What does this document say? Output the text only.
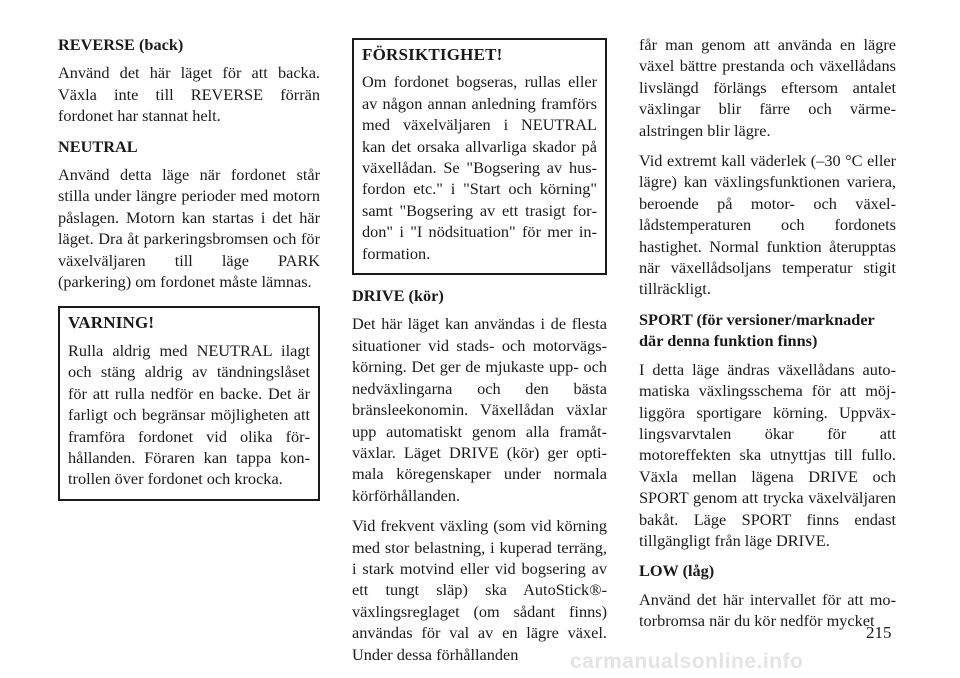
REVERSE (back)
Använd det här läget för att backa. Växla inte till REVERSE förrän fordonet har stannat helt.
NEUTRAL
Använd detta läge när fordonet står stilla under längre perioder med motorn påslagen. Motorn kan startas i det här läget. Dra åt parkeringsbromsen och för växelväljaren till läge PARK (parkering) om fordonet måste lämnas.
VARNING!
Rulla aldrig med NEUTRAL ilagt och stäng aldrig av tändningslåset för att rulla nedför en backe. Det är farligt och begränsar möjligheten att framföra fordonet vid olika förhållanden. Föraren kan tappa kontrollen över fordonet och krocka.
FÖRSIKTIGHET!
Om fordonet bogseras, rullas eller av någon annan anledning framförs med växelväljaren i NEUTRAL kan det orsaka allvarliga skador på växellådan. Se "Bogsering av husfordon etc." i "Start och körning" samt "Bogsering av ett trasigt fordon" i "I nödsituation" för mer information.
DRIVE (kör)
Det här läget kan användas i de flesta situationer vid stads- och motorvägskörning. Det ger de mjukaste upp- och nedväxlingarna och den bästa bränsleekonomin. Växellådan växlar upp automatiskt genom alla framåtväxlar. Läget DRIVE (kör) ger optimala köregenskaper under normala körförhållanden.
Vid frekvent växling (som vid körning med stor belastning, i kuperad terräng, i stark motvind eller vid bogsering av ett tungt släp) ska AutoStick®-växlingsreglaget (om sådant finns) användas för val av en lägre växel. Under dessa förhållanden
får man genom att använda en lägre växel bättre prestanda och växellådans livslängd förlängs eftersom antalet växlingar blir färre och värmealstringen blir lägre.
Vid extremt kall väderlek (–30 °C eller lägre) kan växlingsfunktionen variera, beroende på motor- och växellådstemperaturen och fordonets hastighet. Normal funktion återupptas när växellådsoljans temperatur stigit tillräckligt.
SPORT (för versioner/marknader där denna funktion finns)
I detta läge ändras växellådans automatiska växlingsschema för att möjliggöra sportigare körning. Uppväxlingsvarvtalen ökar för att motoreffekten ska utnyttjas till fullo. Växla mellan lägena DRIVE och SPORT genom att trycka växelväljaren bakåt. Läge SPORT finns endast tillgängligt från läge DRIVE.
LOW (låg)
Använd det här intervallet för att motorbromsa när du kör nedför mycket
215
carmanualsonline.info
